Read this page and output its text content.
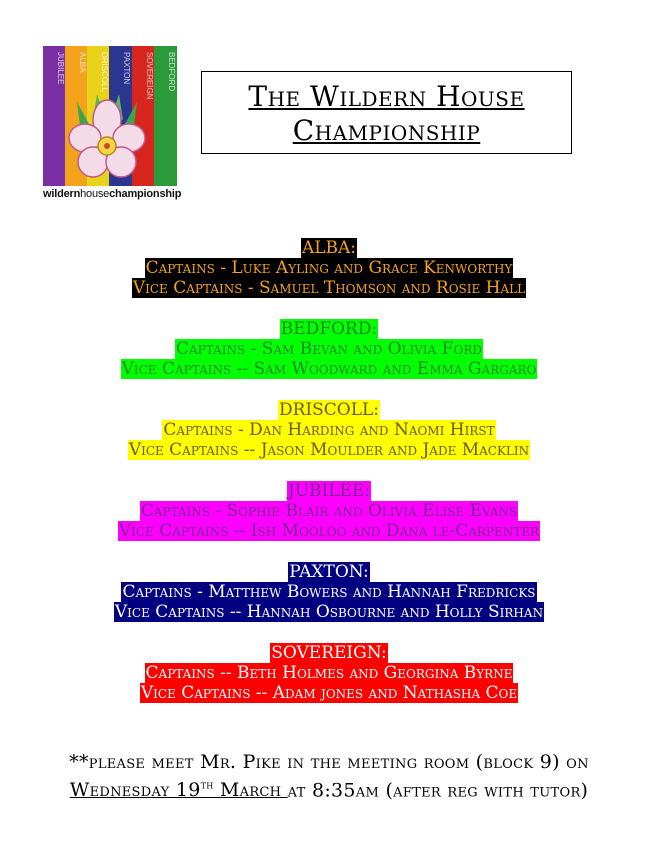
jubilee alba driscoll paxton sovereign bedford
wildernhousechampionship
The Wildern House
Championship
ALBA:
Captains - Luke Ayling and Grace Kenworthy
Vice Captains - Samuel Thomson and Rosie Hall
BEDFORD:
Captains - Sam Bevan and Olivia Ford
Vice Captains -- Sam Woodward and Emma Gargaro
DRISCOLL:
Captains - Dan Harding and Naomi Hirst
Vice Captains -- Jason Moulder and Jade Macklin
JUBILEE:
Captains - Sophie Blair and Olivia Elise Evans
Vice Captains -- Ish Mooloo and Dana le-Carpenter
PAXTON:
Captains - Matthew Bowers and Hannah Fredricks
Vice Captains -- Hannah Osbourne and Holly Sirhan
SOVEREIGN:
Captains -- Beth Holmes and Georgina Byrne
Vice Captains -- Adam jones and Nathasha Coe
**please meet Mr. Pike in the meeting room (block 9) on Wednesday 19th March at 8:35am (after reg with tutor)
